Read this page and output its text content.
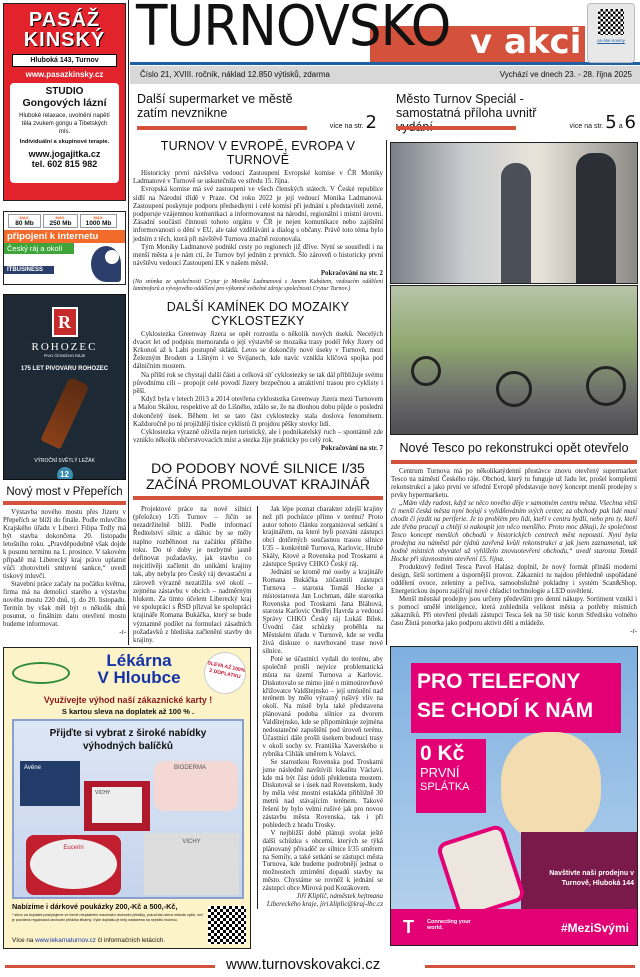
PASÁŽ KINSKÝ
Hluboká 143, Turnov
www.pasazkinsky.cz
STUDIO
Gongových lázní
Hluboké relaxace, uvolnění napětí těla zvukem gongu a Tibetských mís.
Individuální a skupinové terapie.
www.jogajitka.cz
tel. 602 815 982
MAX.
80 Mb
MAX.
250 Mb
MAX.
1000 Mb
připojení k internetu
Český ráj a okolí
ITBUSINESS
R
ROHOZEC
PIVO ČESKÉHO RÁJE
175 LET PIVOVARU ROHOZEC
VÝROČNÍ SVĚTLÝ LEŽÁK
12
Nový most v Přepeřích

Výstavba nového mostu přes Jizeru v Přepeřích se blíží do finále. Podle mluvčího Krajského úřadu v Liberci Filipa Trdly má být stavba dokončena 20. listopadu letošního roku. „Pravděpodobně však dojde k posunu termínu na 1. prosince. V takovém případě má Liberecký kraj právo uplatnit vůči zhotoviteli smluvní sankce,“ uvedl tiskový mluvčí.

Stavební práce začaly na počátku května, firma má na demolici starého a výstavbu nového mostu 220 dnů, tj. do 20. listopadu. Termín by však měl být o několik dnů posunut, o finálním datu otevření mostu budeme informovat.

-r-
v akci
TURNOVSKO	on-line noviny
Číslo 21, XVIII. ročník, náklad 12.850 výtisků, zdarma	Vychází ve dnech 23. - 28. října 2025
Další supermarket ve městě zatím nevznikne
více na str. 2
Město Turnov Speciál - samostatná příloha uvnitř
více na str. 5 a 6
TURNOV V EVROPĚ, EVROPA V TURNOVĚ

Historicky první návštěva vedoucí Zastoupení Evropské komise v ČR Moniky Ladmanové v Turnově se uskutečnila ve středu 15. října.

Evropská komise má své zastoupení ve všech členských státech. V České republice sídlí na Národní třídě v Praze. Od roku 2022 je její vedoucí Monika Ladmanová. Zastoupení poskytuje podporu předsedkyni i celé komisi při jednání s představiteli země, podporuje vzájemnou komunikaci a informovanost na národní, regionální i místní úrovni. Zásadní součástí činnosti tohoto orgánu v ČR je nejen komunikace nebo zajištění informovanosti o dění v EU, ale také vzdělávání a dialog s občany. Právě toto téma bylo jedním z těch, která při návštěvě Turnova značně rezonovala.

Tým Moniky Ladmanové podnikl cesty po regionech již dříve. Nyní se soustředí i na menší města a je nám ctí, že Turnov byl jedním z prvních. Šlo zároveň o historicky první návštěvu vedoucí Zastoupení EK v našem městě.

Pokračování na str. 2
(Na snímku ze společnosti Crytur je Monika Ladmanová s Janem Kubátem, vedoucím oddělení laminoforů a vývojového oddělení pro výkonné světelné zdroje společnosti Crytur Turnov.)
DALŠÍ KAMÍNEK DO MOZAIKY CYKLOSTEZKY

Cyklostezka Greenway Jizera se opět rozrostla o několik nových úseků. Necelých dvacet let od podpisu memoranda o její výstavbě se mozaika trasy podél řeky Jizery od Krkonoš až k Labi postupně skládá. Letos se dokončily nové úseky v Turnově, mezi Železným Brodem a Líšným i ve Svijanech, kde navíc vznikla klíčová spojka pod dálničním mostem.

Na příští rok se chystají další části a celková síť cyklostezky se tak dál přibližuje svému původnímu cíli – propojit celé povodí Jizery bezpečnou a atraktivní trasou pro cyklisty i pěší.

Když byla v letech 2013 a 2014 otevřena cyklostezka Greenway Jizera mezi Turnovem a Malou Skálou, respektive až do Líšného, zdálo se, že na dlouhou dobu půjde o poslední dokončený úsek. Během let se tato část cyklostezky stala doslova fenoménem. Každoročně po ní projíždějí tisíce cyklistů či projdou pěšky stovky lidí.

Cyklostezka výrazně oživila nejen turistický, ale i podnikatelský ruch – spontánně zde vzniklo několik občerstvovacích míst a stezka žije prakticky po celý rok.

Pokračování na str. 7
DO PODOBY NOVÉ SILNICE I/35
ZAČÍNÁ PROMLOUVAT KRAJINÁŘ

Projektové práce na nové silnici (přeložce) I/35 Turnov – Jičín se nezadržitelně blíží. Podle informací Ředitelství silnic a dálnic by se měly naplno rozběhnout na začátku příštího roku. Do té doby je nezbytné jasně definovat požadavky, jak stavbu co nejcitlivěji začlenit do unikátní krajiny tak, aby nebyla pro Český ráj devastační a zároveň výrazně nezatížila své okolí – zejména zástavbu v obcích – nadměrným hlukem. Za tímto účelem Liberecký kraj ve spolupráci s ŘSD přizval ke spolupráci krajináře Romana Bukáčka, který se bude významně podílet na formulaci zásadních požadavků z hlediska začlenění stavby do krajiny.

Jak lépe poznat charakter zdejší krajiny než při pochůzce přímo v terénu? Proto autor tohoto článku zorganizoval setkání s krajinářem, na které byli pozváni zástupci obcí dotčených současnou trasou silnice I/35 – konkrétně Turnova, Karlovic, Hrubé Skály, Ktové a Rovenska pod Troskami a zástupce Správy CHKO Český ráj.

Jednání se kromě mé osoby a krajináře Romana Bukáčka zúčastnili zástupci Turnova – starosta Tomáš Hocke a místostarosta Jan Lochman, dále starostka Rovenska pod Troskami Jana Bláhová, starosta Karlovic Ondřej Havrda a vedoucí Správy CHKO Český ráj Lukáš Bílek. Úvodní část schůzky proběhla na Městském úřadu v Turnově, kde se vedla živá diskuze o navrhované trase nové silnice.

Poté se účastníci vydali do terénu, aby společně prošli nejvíce problematická místa na území Turnova a Karlovic. Diskutovalo se mimo jiné o mimoúrovňové křižovatce Valdštejnsko – její umístění nad terénem by mělo výrazný rušivý vliv na okolí. Na místě byla také představena plánovaná podoba silnice za dvorem Valdštejnsko, kde se připomínkuje zejména nedostatečné zapuštění pod úroveň terénu. Účastníci dále prošli úsekem budoucí trasy v okolí sochy sv. Františka Xaverského u rybníka Cihlák směrem k Volavci.

Se starostkou Rovenska pod Troskami jsme následně navštívili lokalitu Václaví, kde má být část údolí překlenuta mostem. Diskutoval se i úsek nad Rovenskem, kudy by měla vést mostní estakáda přibližně 30 metrů nad stávajícím terénem. Takové řešení by bylo velmi rušivé jak pro novou zástavbu města Rovenska, tak i při pohledech z hradu Trosky.

V nejbližší době plánuji svolat ještě další schůzku s obcemi, kterých se týká plánovaný přivaděč ze silnice I/35 směrem na Semily, a také setkání se zástupci města Turnova, kde budeme podrobněji jednat o možnostech zmírnění dopadů stavby na město. Chystáme se rovněž k jednání se zástupci obce Mírová pod Kozákovem.

Jiří Kliplíč, náměstek hejtmana Libereckého kraje, jiri.kliplic@kraj-lbc.cz
Nové Tesco po rekonstrukci opět otevřelo

Centrum Turnova má po několikatýdenní přestávce znovu otevřený supermarket Tesco na náměstí Českého ráje. Obchod, který tu funguje už řadu let, prošel kompletní rekonstrukcí a jako první ve střední Evropě představuje nový koncept menší prodejny s prvky hypermarketu.

„Mám vždy radost, když se něco nového děje v samotném centru města. Všechna větší či menší česká města nyní bojují s vylidňováním svých center, za obchody pak lidé musí chodit či jezdit na periferie. Je to problém pro lidi, kteří v centru bydlí, nebo pro ty, kteří zde třeba pracují a chtějí si nakoupit jen něco menšího. Proto moc děkuji, že společnost Tesco koncept menších obchodů v historických centrech měst nepoustí. Nyní byla prodejna na náměstí pár týdnů zavřená kvůli rekonstrukci a jak jsem zaznamenal, tak hodně místních obyvatel už vyhlíželo znovuotevření obchodu,“ uvedl starosta Tomáš Hocke při slavnostním otevření 15. října.

Produktový ředitel Tesca Pavol Halász doplnil, že nový formát přináší moderní design, širší sortiment a úspornější provoz. Zákazníci tu najdou přehledně uspořádané oddělení ovoce, zeleniny a pečiva, samoobslužné pokladny i systém Scan&Shop. Energetickou úsporu zajišťují nové chladicí technologie a LED osvětlení.

Menší městské prodejny jsou určeny především pro denní nákupy. Sortiment vznikl i s pomocí umělé inteligence, která zohlednila velikost města a potřeby místních zákazníků. Při otevření předali zástupci Tesca šek na 50 tisíc korun Středisku volného času Žlutá ponorka jako podporu aktivit dětí a mládeže.

-r-
Lékárna
V Hloubce
SLEVA AŽ 100% Z DOPLATKU
Využívejte výhod naší zákaznické karty !
S kartou sleva na doplatek až 100 % .
Přijďte si vybrat z široké nabídky výhodných balíčků
Avène	BIODERMA
VICHY
Eucerin
VICHY
Nabízíme i dárkové poukázky 200,-Kč a 500,-Kč,
* slevu na doplatek poskytujeme ve formě neuplatnění maximální obchodní přirážky, pokud tato sleva nebude vyšší, než je povolená regulovaná obchodní přirážka lékárny. Výše doplatku je tedy nastavena na nejnižší možnou.
Více na www.lekarnaturnov.cz či informačních letácích.
PRO TELEFONY
SE CHODÍ K NÁM
0 Kč
PRVNÍ
SPLÁTKA
Navštivte naši prodejnu v Turnově, Hluboká 144
T Connecting your world.	#MeziSvými
www.turnovskovakci.cz
